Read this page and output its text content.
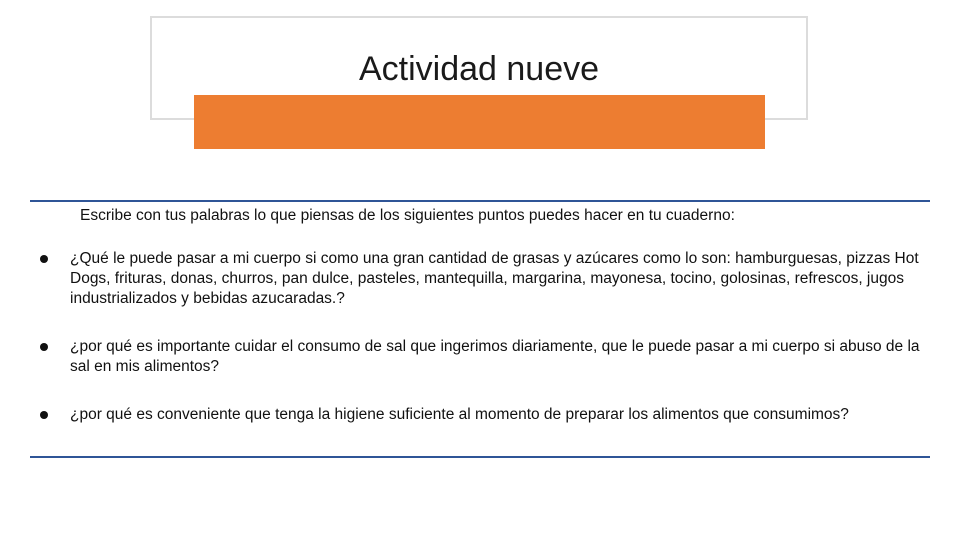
Actividad nueve
Escribe con tus palabras lo que piensas de los siguientes puntos puedes hacer en tu cuaderno:
¿Qué le puede pasar a mi cuerpo si como una gran cantidad de grasas y azúcares como lo son: hamburguesas, pizzas Hot Dogs, frituras, donas, churros, pan dulce, pasteles, mantequilla, margarina, mayonesa, tocino, golosinas, refrescos, jugos industrializados y bebidas azucaradas.?
¿por qué es importante cuidar el consumo de sal que ingerimos diariamente, que le puede pasar a mi cuerpo si abuso de la sal en mis alimentos?
¿por qué es conveniente que tenga la higiene suficiente al momento de preparar los alimentos que consumimos?
